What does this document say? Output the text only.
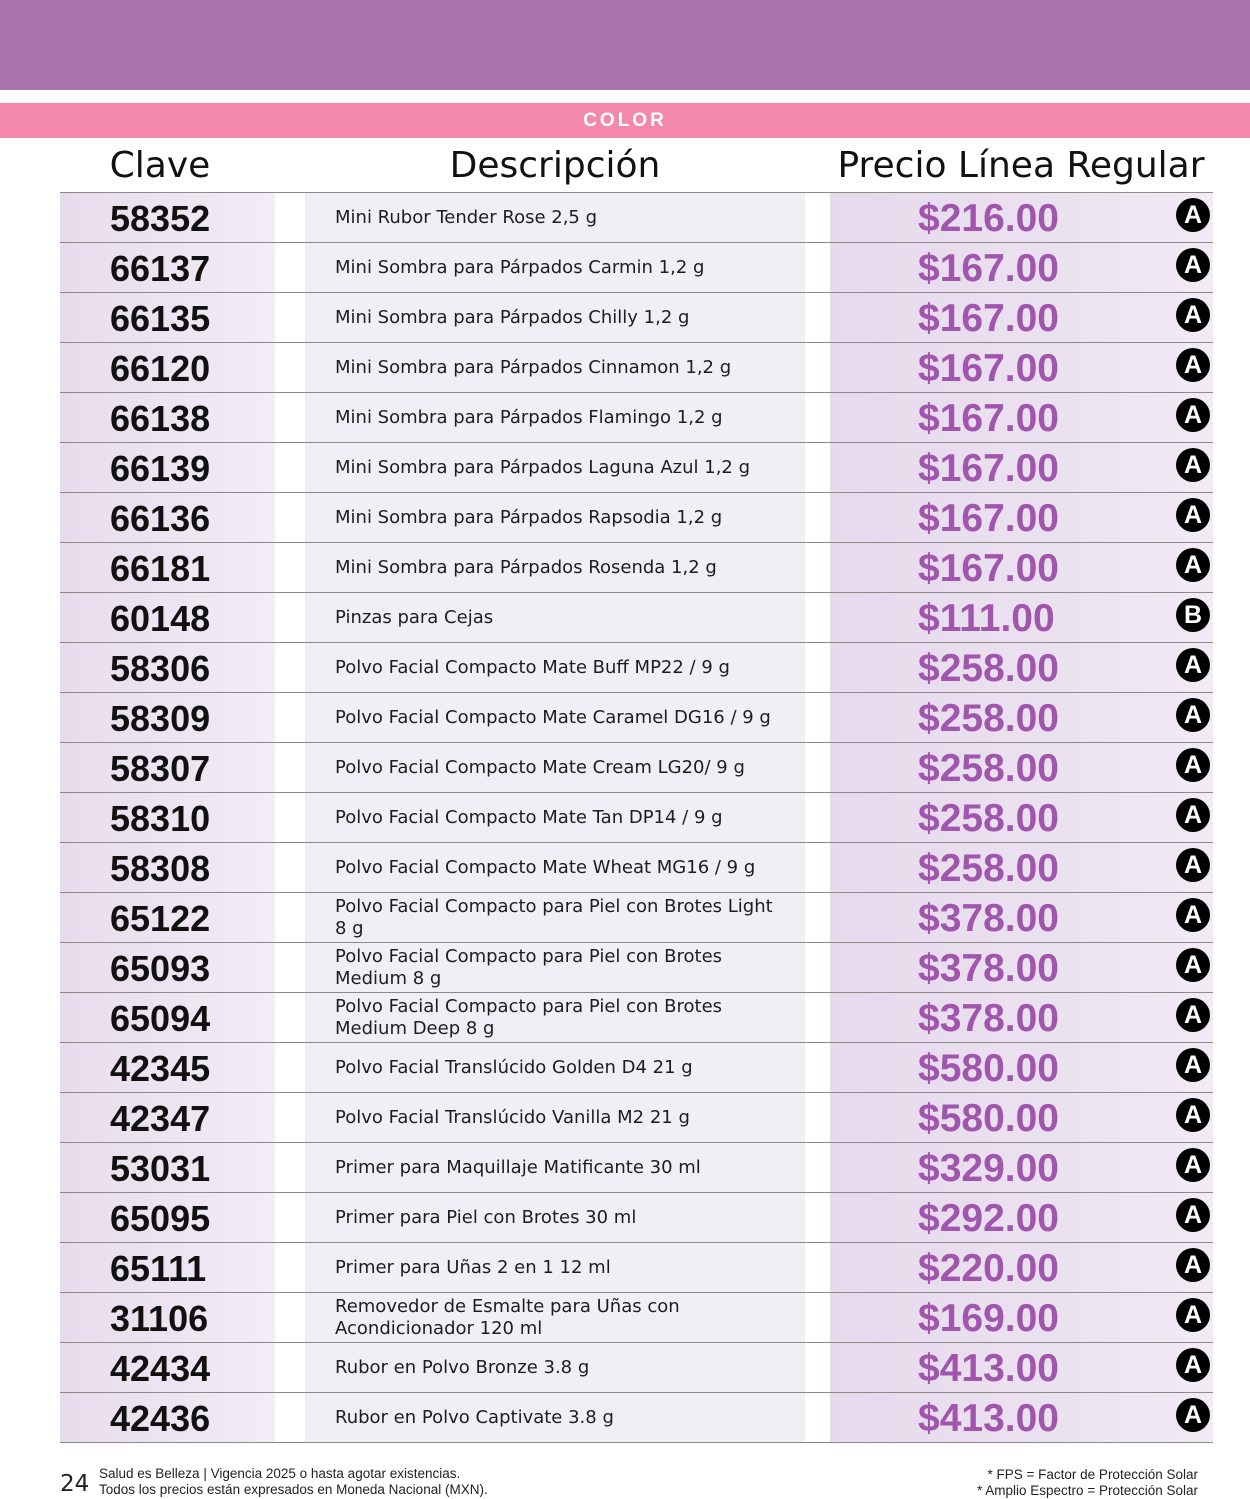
COLOR
Clave	Descripción	Precio Línea Regular
58352	Mini Rubor Tender Rose 2,5 g	$216.00	A
66137	Mini Sombra para Párpados Carmin 1,2 g	$167.00	A
66135	Mini Sombra para Párpados Chilly 1,2 g	$167.00	A
66120	Mini Sombra para Párpados Cinnamon 1,2 g	$167.00	A
66138	Mini Sombra para Párpados Flamingo 1,2 g	$167.00	A
66139	Mini Sombra para Párpados Laguna Azul 1,2 g	$167.00	A
66136	Mini Sombra para Párpados Rapsodia 1,2 g	$167.00	A
66181	Mini Sombra para Párpados Rosenda 1,2 g	$167.00	A
60148	Pinzas para Cejas	$111.00	B
58306	Polvo Facial Compacto Mate Buff MP22 / 9 g	$258.00	A
58309	Polvo Facial Compacto Mate Caramel DG16 / 9 g	$258.00	A
58307	Polvo Facial Compacto Mate Cream LG20/ 9 g	$258.00	A
58310	Polvo Facial Compacto Mate Tan DP14 / 9 g	$258.00	A
58308	Polvo Facial Compacto Mate Wheat MG16 / 9 g	$258.00	A
65122	Polvo Facial Compacto para Piel con Brotes Light 8 g	$378.00	A
65093	Polvo Facial Compacto para Piel con Brotes Medium 8 g	$378.00	A
65094	Polvo Facial Compacto para Piel con Brotes Medium Deep 8 g	$378.00	A
42345	Polvo Facial Translúcido Golden D4 21 g	$580.00	A
42347	Polvo Facial Translúcido Vanilla M2 21 g	$580.00	A
53031	Primer para Maquillaje Matificante 30 ml	$329.00	A
65095	Primer para Piel con Brotes 30 ml	$292.00	A
65111	Primer para Uñas 2 en 1 12 ml	$220.00	A
31106	Removedor de Esmalte para Uñas con Acondicionador 120 ml	$169.00	A
42434	Rubor en Polvo Bronze 3.8 g	$413.00	A
42436	Rubor en Polvo Captivate 3.8 g	$413.00	A
24 Salud es Belleza | Vigencia 2025 o hasta agotar existencias.
Todos los precios están expresados en Moneda Nacional (MXN).
* FPS = Factor de Protección Solar
* Amplio Espectro = Protección Solar
